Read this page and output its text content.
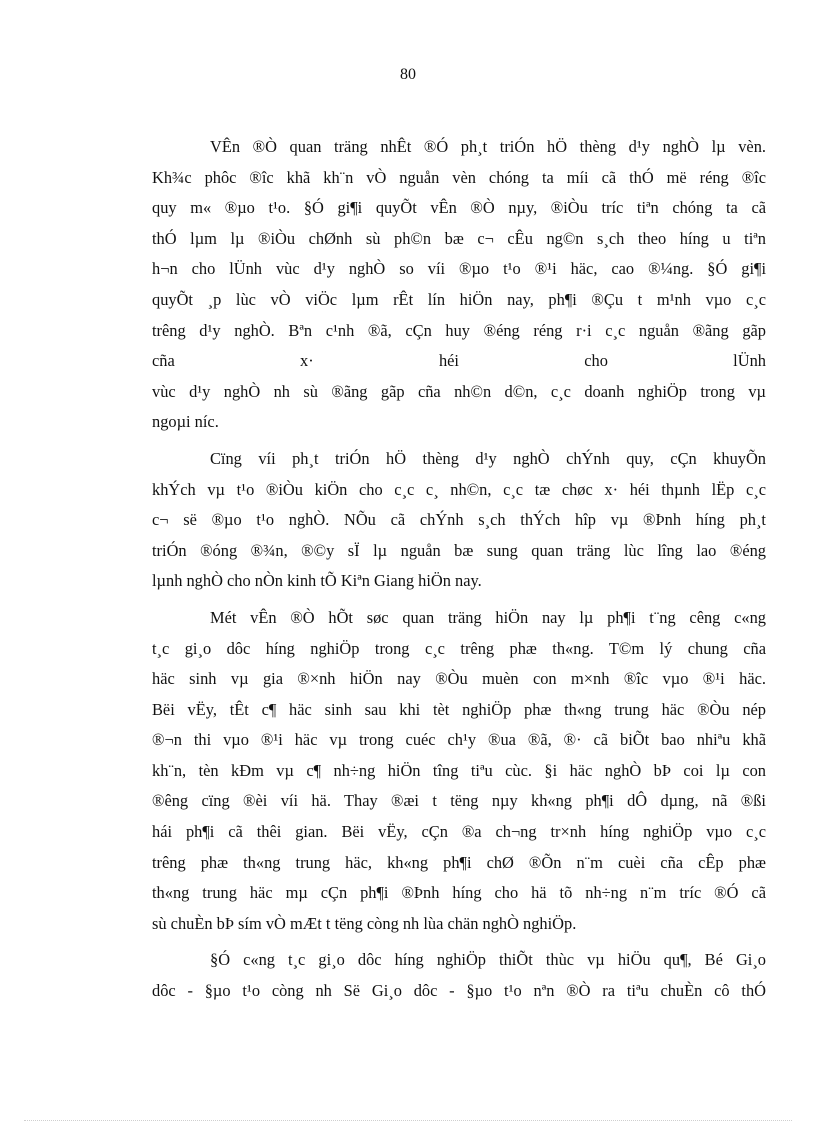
80
VÊn ®Ò quan träng nhÊt ®Ó ph¸t triÓn hÖ thèng d¹y nghÒ lµ vèn.
Kh¾c phôc ®îc khã kh¨n vÒ nguån vèn chóng ta míi cã thÓ më réng ®îc
quy m« ®µo t¹o. §Ó gi¶i quyÕt vÊn ®Ò nµy, ®iÒu tríc tiªn chóng ta cã
thÓ lµm lµ ®iÒu chØnh sù ph©n bæ c¬ cÊu ng©n s¸ch theo híng u tiªn
h¬n cho lÜnh vùc d¹y nghÒ so víi ®µo t¹o ®¹i häc, cao ®¼ng. §Ó gi¶i
quyÕt ¸p lùc vÒ viÖc lµm rÊt lín hiÖn nay, ph¶i ®Çu t m¹nh vµo c¸c
trêng d¹y nghÒ. Bªn c¹nh ®ã, cÇn huy ®éng réng r·i c¸c nguån ®ãng gãp
cña	x·	héi	cho	lÜnh
vùc d¹y nghÒ nh sù ®ãng gãp cña nh©n d©n, c¸c doanh nghiÖp trong vµ
ngoµi níc.
Cïng víi ph¸t triÓn hÖ thèng d¹y nghÒ chÝnh quy, cÇn khuyÕn
khÝch vµ t¹o ®iÒu kiÖn cho c¸c c¸ nh©n, c¸c tæ chøc x· héi thµnh lËp c¸c
c¬ së ®µo t¹o nghÒ. NÕu cã chÝnh s¸ch thÝch hîp vµ ®Þnh híng ph¸t
triÓn ®óng ®¾n, ®©y sÏ lµ nguån bæ sung quan träng lùc lîng lao ®éng
lµnh nghÒ cho nÒn kinh tÕ Kiªn Giang hiÖn nay.
Mét vÊn ®Ò hÕt søc quan träng hiÖn nay lµ ph¶i t¨ng cêng c«ng
t¸c gi¸o dôc híng nghiÖp trong c¸c trêng phæ th«ng. T©m lý chung cña
häc sinh vµ gia ®×nh hiÖn nay ®Òu muèn con m×nh ®îc vµo ®¹i häc.
Bëi vËy, tÊt c¶ häc sinh sau khi tèt nghiÖp phæ th«ng trung häc ®Òu nép
®¬n thi vµo ®¹i häc vµ trong cuéc ch¹y ®ua ®ã, ®· cã biÕt bao nhiªu khã
kh¨n, tèn kÐm vµ c¶ nh÷ng hiÖn tîng tiªu cùc. §i häc nghÒ bÞ coi lµ con
®êng cïng ®èi víi hä. Thay ®æi t tëng nµy kh«ng ph¶i dÔ dµng, nã ®ßi
hái ph¶i cã thêi gian. Bëi vËy, cÇn ®a ch¬ng tr×nh híng nghiÖp vµo c¸c
trêng phæ th«ng trung häc, kh«ng ph¶i chØ ®Õn n¨m cuèi cña cÊp phæ
th«ng trung häc mµ cÇn ph¶i ®Þnh híng cho hä tõ nh÷ng n¨m tríc ®Ó cã
sù chuÈn bÞ sím vÒ mÆt t tëng còng nh lùa chän nghÒ nghiÖp.
§Ó c«ng t¸c gi¸o dôc híng nghiÖp thiÕt thùc vµ hiÖu qu¶, Bé Gi¸o
dôc - §µo t¹o còng nh Së Gi¸o dôc - §µo t¹o nªn ®Ò ra tiªu chuÈn cô thÓ
